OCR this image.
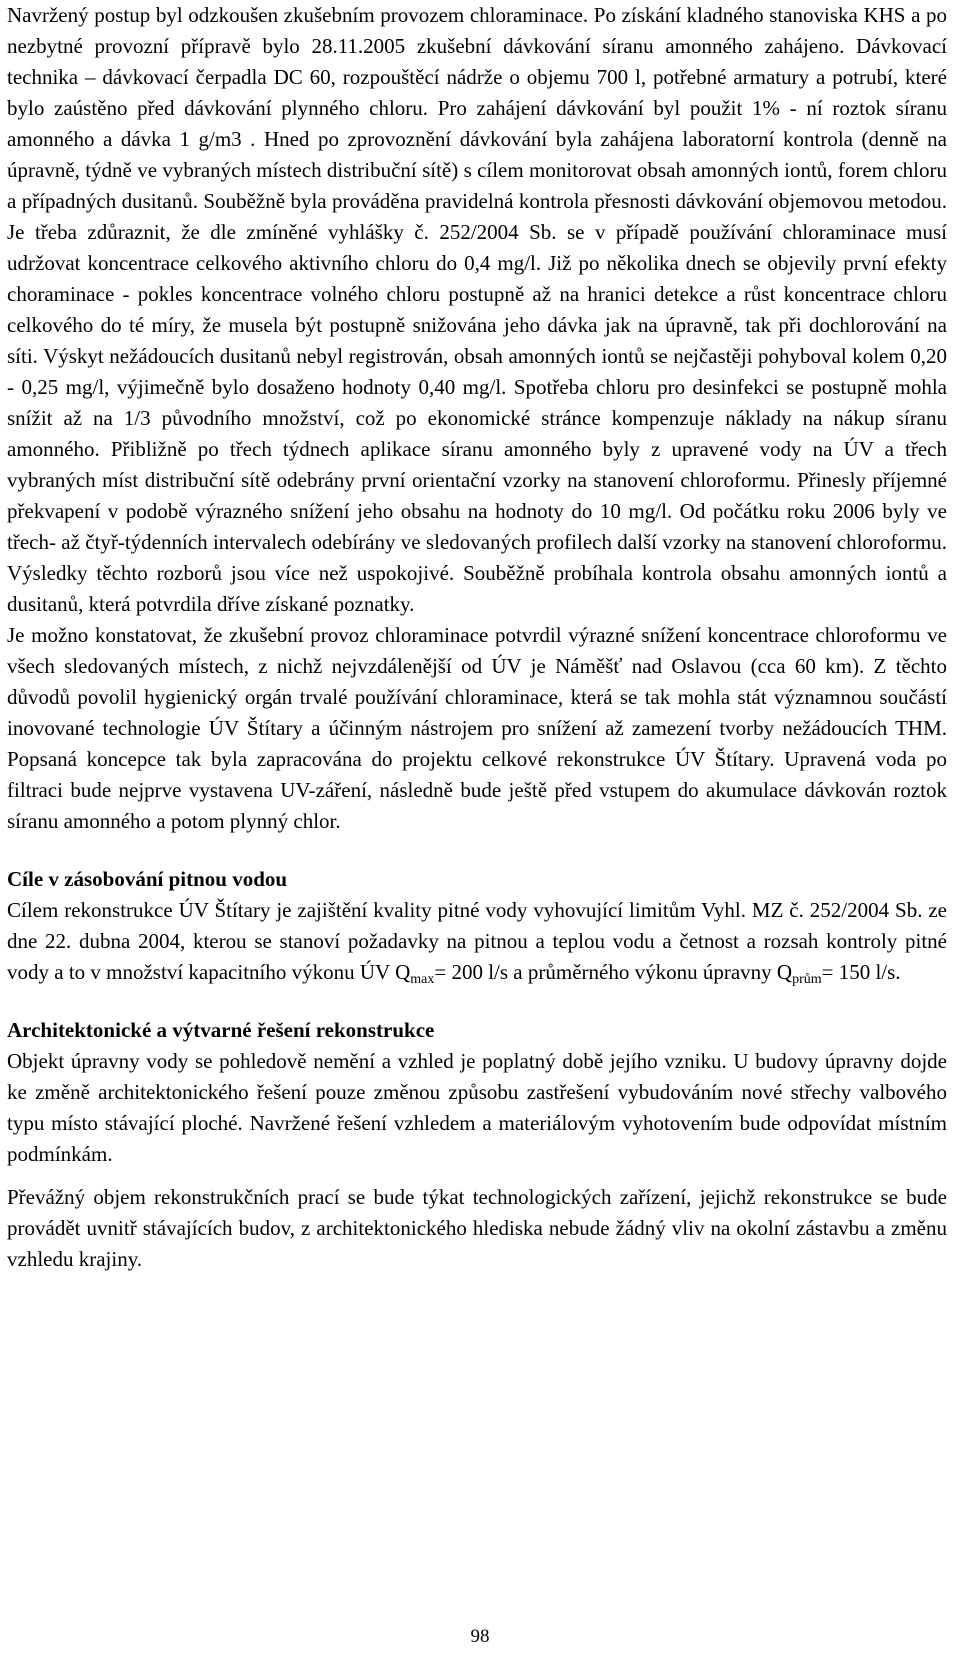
Navržený postup byl odzkoušen zkušebním provozem chloraminace. Po získání kladného stanoviska KHS a po nezbytné provozní přípravě bylo 28.11.2005 zkušební dávkování síranu amonného zahájeno. Dávkovací technika – dávkovací čerpadla DC 60, rozpouštěcí nádrže o objemu 700 l, potřebné armatury a potrubí, které bylo zaústěno před dávkování plynného chloru. Pro zahájení dávkování byl použit 1% - ní roztok síranu amonného a dávka 1 g/m3 . Hned po zprovoznění dávkování byla zahájena laboratorní kontrola (denně na úpravně, týdně ve vybraných místech distribuční sítě) s cílem monitorovat obsah amonných iontů, forem chloru a případných dusitanů. Souběžně byla prováděna pravidelná kontrola přesnosti dávkování objemovou metodou. Je třeba zdůraznit, že dle zmíněné vyhlášky č. 252/2004 Sb. se v případě používání chloraminace musí udržovat koncentrace celkového aktivního chloru do 0,4 mg/l. Již po několika dnech se objevily první efekty choraminace - pokles koncentrace volného chloru postupně až na hranici detekce a růst koncentrace chloru celkového do té míry, že musela být postupně snižována jeho dávka jak na úpravně, tak při dochlorování na síti. Výskyt nežádoucích dusitanů nebyl registrován, obsah amonných iontů se nejčastěji pohyboval kolem 0,20 - 0,25 mg/l, výjimečně bylo dosaženo hodnoty 0,40 mg/l. Spotřeba chloru pro desinfekci se postupně mohla snížit až na 1/3 původního množství, což po ekonomické stránce kompenzuje náklady na nákup síranu amonného. Přibližně po třech týdnech aplikace síranu amonného byly z upravené vody na ÚV a třech vybraných míst distribuční sítě odebrány první orientační vzorky na stanovení chloroformu. Přinesly příjemné překvapení v podobě výrazného snížení jeho obsahu na hodnoty do 10 mg/l. Od počátku roku 2006 byly ve třech- až čtyř-týdenních intervalech odebírány ve sledovaných profilech další vzorky na stanovení chloroformu. Výsledky těchto rozborů jsou více než uspokojivé. Souběžně probíhala kontrola obsahu amonných iontů a dusitanů, která potvrdila dříve získané poznatky.

Je možno konstatovat, že zkušební provoz chloraminace potvrdil výrazné snížení koncentrace chloroformu ve všech sledovaných místech, z nichž nejvzdálenější od ÚV je Náměšť nad Oslavou (cca 60 km). Z těchto důvodů povolil hygienický orgán trvalé používání chloraminace, která se tak mohla stát významnou součástí inovované technologie ÚV Štítary a účinným nástrojem pro snížení až zamezení tvorby nežádoucích THM. Popsaná koncepce tak byla zapracována do projektu celkové rekonstrukce ÚV Štítary. Upravená voda po filtraci bude nejprve vystavena UV-záření, následně bude ještě před vstupem do akumulace dávkován roztok síranu amonného a potom plynný chlor.

Cíle v zásobování pitnou vodou

Cílem rekonstrukce ÚV Štítary je zajištění kvality pitné vody vyhovující limitům Vyhl. MZ č. 252/2004 Sb. ze dne 22. dubna 2004, kterou se stanoví požadavky na pitnou a teplou vodu a četnost a rozsah kontroly pitné vody a to v množství kapacitního výkonu ÚV $Q_{max}= 200$ l/s a průměrného výkonu úpravny $Q_{prům}= 150$ l/s.

Architektonické a výtvarné řešení rekonstrukce

Objekt úpravny vody se pohledově nemění a vzhled je poplatný době jejího vzniku. U budovy úpravny dojde ke změně architektonického řešení pouze změnou způsobu zastřešení vybudováním nové střechy valbového typu místo stávající ploché. Navržené řešení vzhledem a materiálovým vyhotovením bude odpovídat místním podmínkám.

Převážný objem rekonstrukčních prací se bude týkat technologických zařízení, jejichž rekonstrukce se bude provádět uvnitř stávajících budov, z architektonického hlediska nebude žádný vliv na okolní zástavbu a změnu vzhledu krajiny.

98
